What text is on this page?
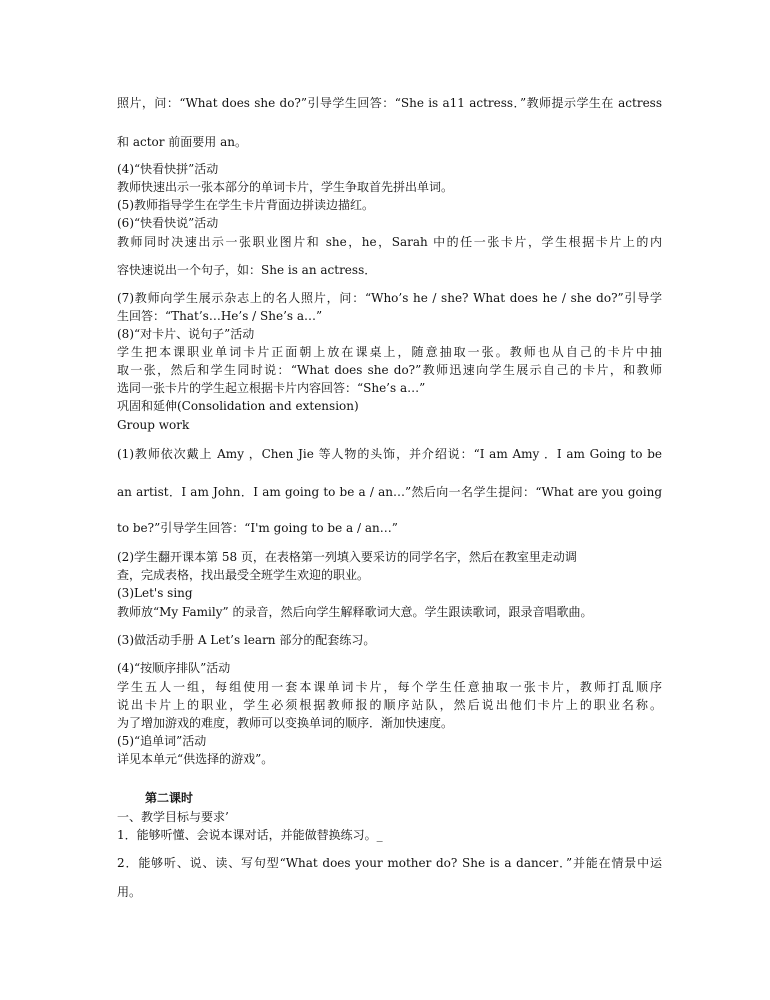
照片，问：“What does she do?”引导学生回答：“She is a11 actress．”教师提示学生在 actress
和 actor 前面要用 an。
(4)“快看快拼”活动
教师快速出示一张本部分的单词卡片，学生争取首先拼出单词。
(5)教师指导学生在学生卡片背面边拼读边描红。
(6)“快看快说”活动
教师同时决速出示一张职业图片和 she，he，Sarah 中的任一张卡片，学生根据卡片上的内
容快速说出一个句子，如：She is an actress．
(7)教师向学生展示杂志上的名人照片，问：“Who’s he / she? What does he / she do?”引导学
生回答：“That’s…He’s / She’s a…”
(8)“对卡片、说句子”活动
学生把本课职业单词卡片正面朝上放在课桌上，随意抽取一张。教师也从自己的卡片中抽
取一张，然后和学生同时说：“What does she do?”教师迅速向学生展示自己的卡片，和教师
选同一张卡片的学生起立根据卡片内容回答：“She’s a…”
巩固和延伸(Consolidation and extension)
Group work
(1)教师依次戴上 Amy ，Chen Jie 等人物的头饰，并介绍说：“I am Amy ．I am Going to be
an artist．I am John．I am going to be a / an…”然后向一名学生提问：“What are you going
to be?”引导学生回答：“I'm going to be a / an…”
(2)学生翻开课本第 58 页，在表格第一列填入要采访的同学名字，然后在教室里走动调
查，完成表格，找出最受全班学生欢迎的职业。
(3)Let's sing
教师放“My Family” 的录音，然后向学生解释歌词大意。学生跟读歌词，跟录音唱歌曲。
(3)做活动手册 A Let’s learn 部分的配套练习。
(4)“按顺序排队”活动
学生五人一组，每组使用一套本课单词卡片，每个学生任意抽取一张卡片，教师打乱顺序
说出卡片上的职业，学生必须根据教师报的顺序站队，然后说出他们卡片上的职业名称。
为了增加游戏的难度，教师可以变换单词的顺序．渐加快速度。
(5)“追单词”活动
详见本单元“供选择的游戏”。
第二课时
一、教学目标与要求’
1．能够听懂、会说本课对话，并能做替换练习。_
2．能够听、说、读、写句型“What does your mother do? She is a dancer．”并能在情景中运
用。
